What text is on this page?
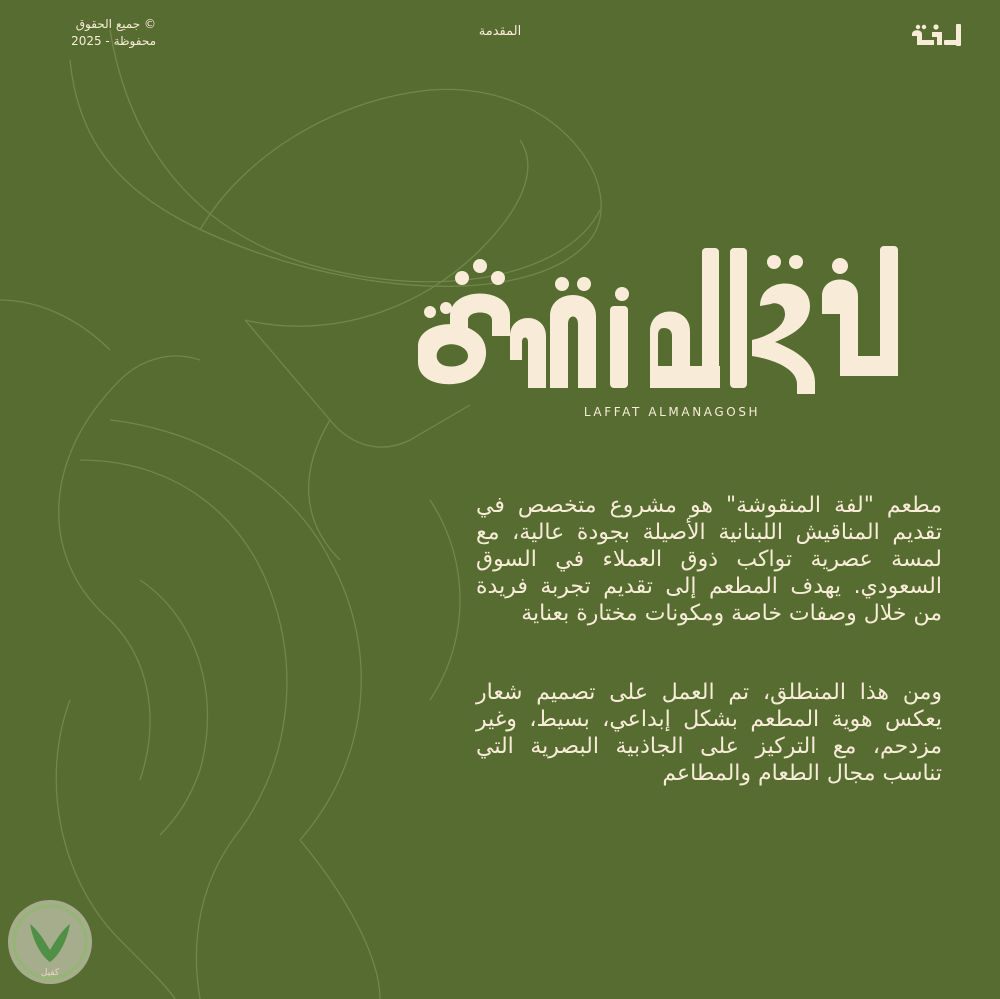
المقدمة
© جميع الحقوق
محفوظة - 2025
LAFFAT ALMANAGOSH

مطعم "لفة المنقوشة" هو مشروع متخصص في تقديم المناقيش اللبنانية الأصيلة بجودة عالية، مع لمسة عصرية تواكب ذوق العملاء في السوق السعودي. يهدف المطعم إلى تقديم تجربة فريدة من خلال وصفات خاصة ومكونات مختارة بعناية

ومن هذا المنطلق، تم العمل على تصميم شعار يعكس هوية المطعم بشكل إبداعي، بسيط، وغير مزدحم، مع التركيز على الجاذبية البصرية التي تناسب مجال الطعام والمطاعم

كفيل
